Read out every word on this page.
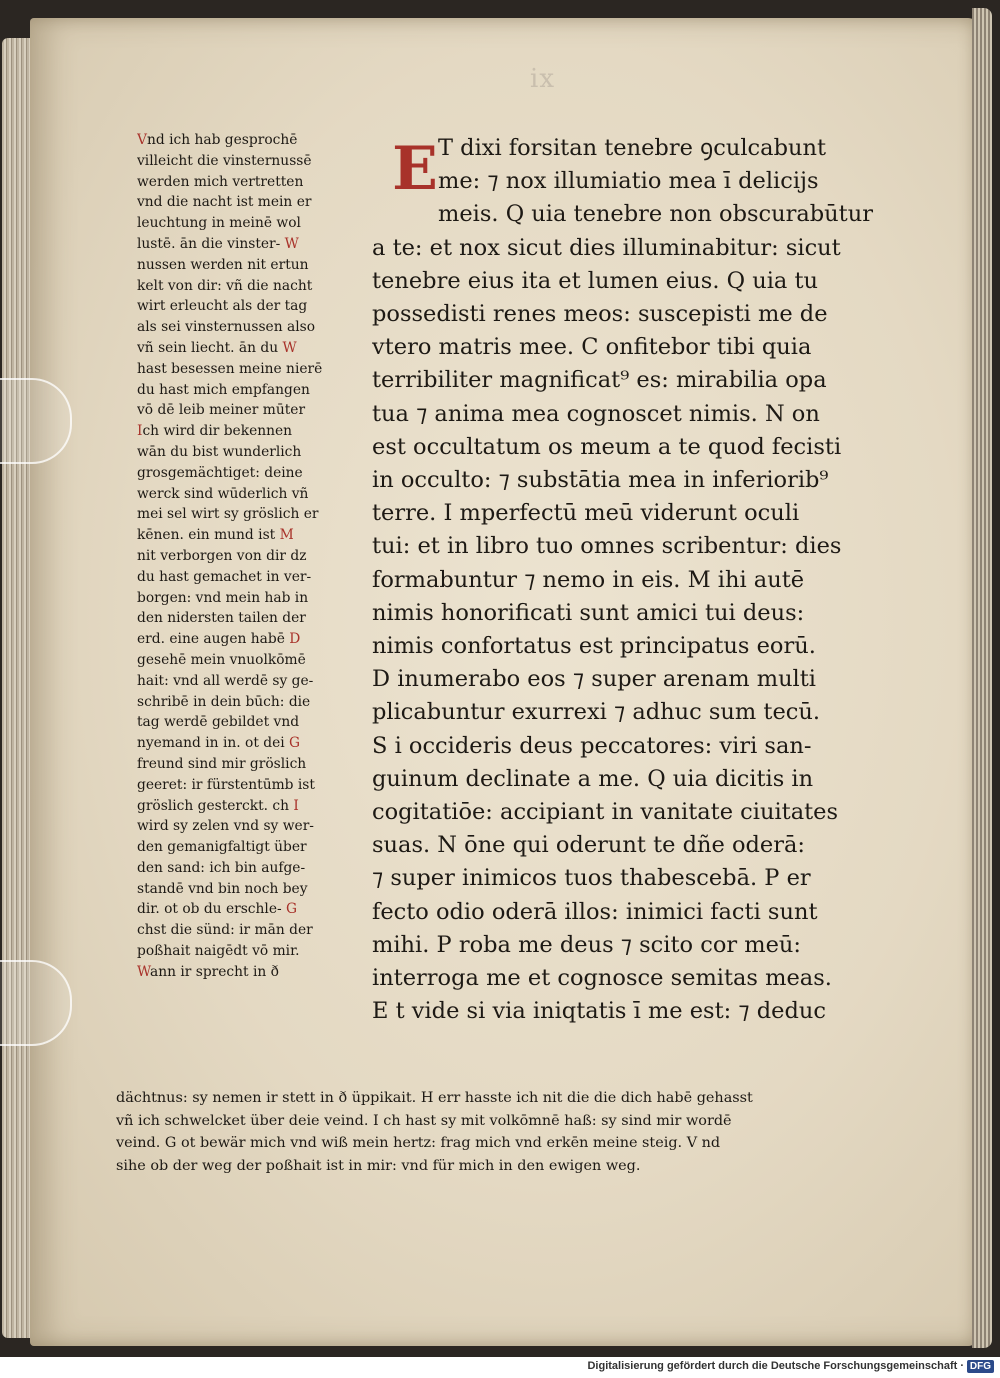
ix
Vnd ich hab gesprochē
villeicht die vinsternussē
werden mich vertretten
vnd die nacht ist mein er
leuchtung in meinē wol
lustē. ān die vinster- W
nussen werden nit ertun
kelt von dir: vñ die nacht
wirt erleucht als der tag
als sei vinsternussen also
vñ sein liecht. ān du W
hast besessen meine nierē
du hast mich empfangen
vō dē leib meiner mūter
Ich wird dir bekennen
wān du bist wunderlich
grosgemächtiget: deine
werck sind wūderlich vñ
mei sel wirt sy gröslich er
kēnen. ein mund ist M
nit verborgen von dir dz
du hast gemachet in ver-
borgen: vnd mein hab in
den nidersten tailen der
erd. eine augen habē D
gesehē mein vnuolkōmē
hait: vnd all werdē sy ge-
schribē in dein būch: die
tag werdē gebildet vnd
nyemand in in. ot dei G
freund sind mir gröslich
geeret: ir fürstentūmb ist
gröslich gesterckt. ch I
wird sy zelen vnd sy wer-
den gemanigfaltigt über
den sand: ich bin aufge-
standē vnd bin noch bey
dir. ot ob du erschle- G
chst die sünd: ir mān der
poßhait naigēdt vō mir.
Wann ir sprecht in ð
E T dixi forsitan tenebre ꝯculcabunt
me: ⁊ nox illumiatio mea ī delicijs
meis. Q uia tenebre non obscurabūtur
a te: et nox sicut dies illuminabitur: sicut
tenebre eius ita et lumen eius. Q uia tu
possedisti renes meos: suscepisti me de
vtero matris mee. C onfitebor tibi quia
terribiliter magnificat⁹ es: mirabilia opa
tua ⁊ anima mea cognoscet nimis. N on
est occultatum os meum a te quod fecisti
in occulto: ⁊ substātia mea in inferiorib⁹
terre. I mperfectū meū viderunt oculi
tui: et in libro tuo omnes scribentur: dies
formabuntur ⁊ nemo in eis. M ihi autē
nimis honorificati sunt amici tui deus:
nimis confortatus est principatus eorū.
D inumerabo eos ⁊ super arenam multi
plicabuntur exurrexi ⁊ adhuc sum tecū.
S i occideris deus peccatores: viri san-
guinum declinate a me. Q uia dicitis in
cogitatiōe: accipiant in vanitate ciuitates
suas. N ōne qui oderunt te dñe oderā:
⁊ super inimicos tuos thabescebā. P er
fecto odio oderā illos: inimici facti sunt
mihi. P roba me deus ⁊ scito cor meū:
interroga me et cognosce semitas meas.
E t vide si via iniqtatis ī me est: ⁊ deduc
dächtnus: sy nemen ir stett in ð üppikait. H err hasste ich nit die die dich habē gehasst
vñ ich schwelcket über deie veind. I ch hast sy mit volkōmnē haß: sy sind mir wordē
veind. G ot bewär mich vnd wiß mein hertz: frag mich vnd erkēn meine steig. V nd
sihe ob der weg der poßhait ist in mir: vnd für mich in den ewigen weg.
Digitalisierung gefördert durch die Deutsche Forschungsgemeinschaft · DFG
